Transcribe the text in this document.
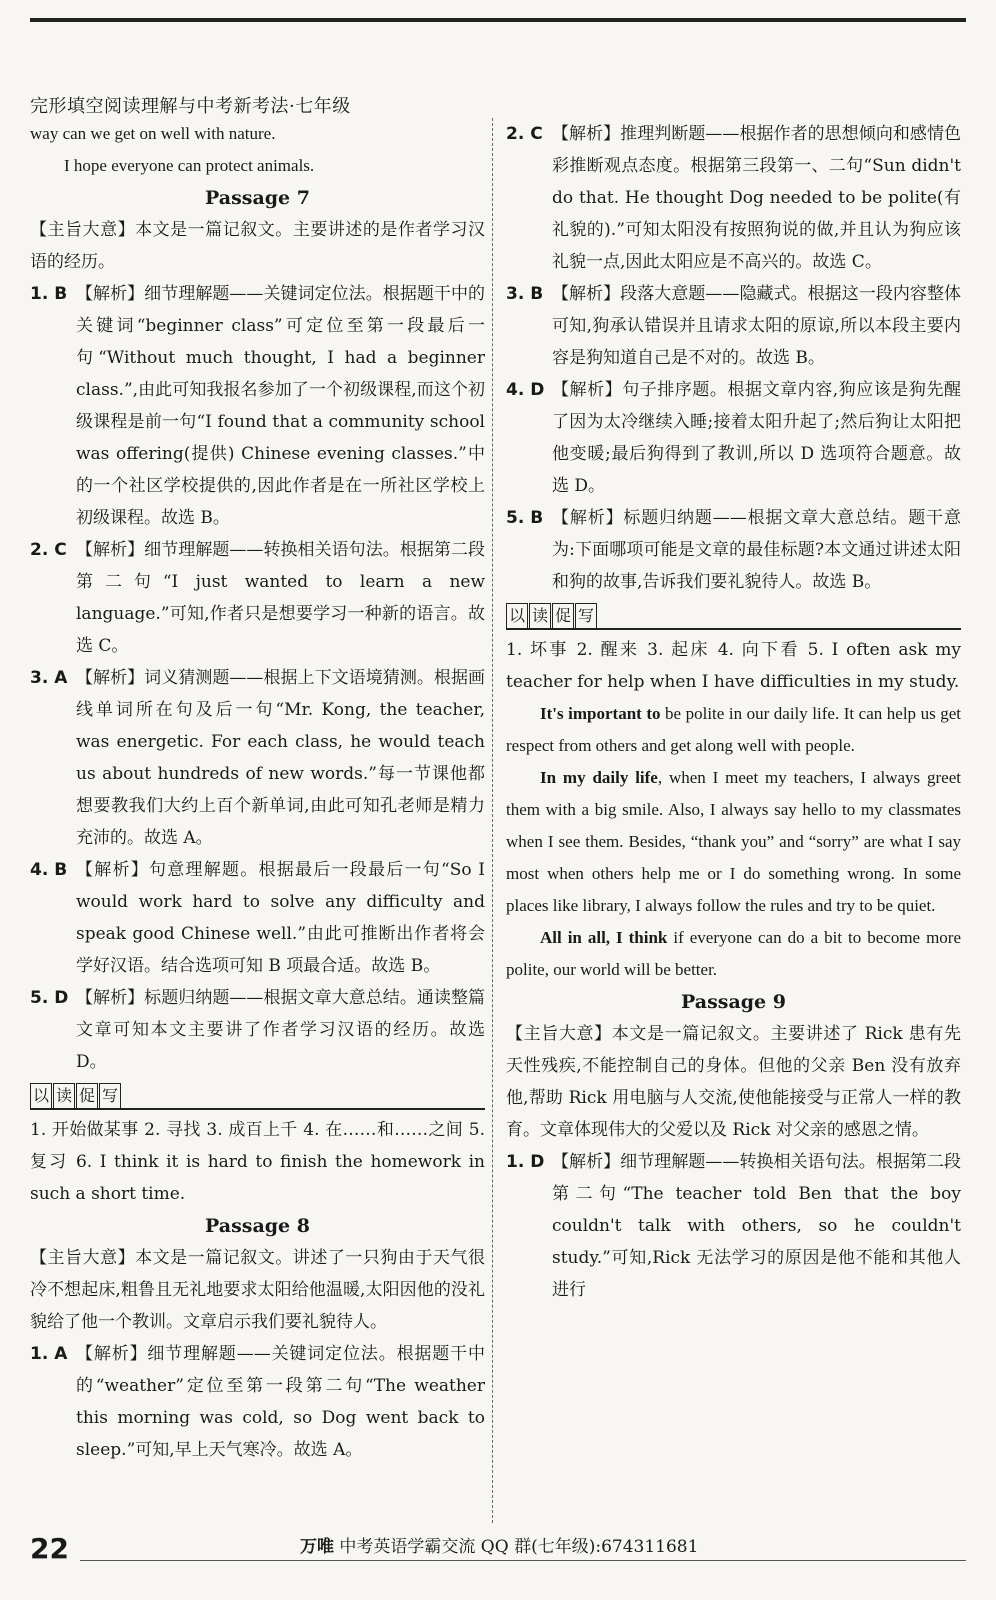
完形填空阅读理解与中考新考法·七年级

way can we get on well with nature.

I hope everyone can protect animals.

Passage 7

【主旨大意】本文是一篇记叙文。主要讲述的是作者学习汉语的经历。

1. B 【解析】细节理解题——关键词定位法。根据题干中的关键词“beginner class”可定位至第一段最后一句“Without much thought, I had a beginner class.”,由此可知我报名参加了一个初级课程,而这个初级课程是前一句“I found that a community school was offering(提供) Chinese evening classes.”中的一个社区学校提供的,因此作者是在一所社区学校上初级课程。故选 B。
2. C 【解析】细节理解题——转换相关语句法。根据第二段第二句“I just wanted to learn a new language.”可知,作者只是想要学习一种新的语言。故选 C。
3. A 【解析】词义猜测题——根据上下文语境猜测。根据画线单词所在句及后一句“Mr. Kong, the teacher, was energetic. For each class, he would teach us about hundreds of new words.”每一节课他都想要教我们大约上百个新单词,由此可知孔老师是精力充沛的。故选 A。
4. B 【解析】句意理解题。根据最后一段最后一句“So I would work hard to solve any difficulty and speak good Chinese well.”由此可推断出作者将会学好汉语。结合选项可知 B 项最合适。故选 B。
5. D 【解析】标题归纳题——根据文章大意总结。通读整篇文章可知本文主要讲了作者学习汉语的经历。故选 D。
以 读 促 写

1. 开始做某事 2. 寻找 3. 成百上千 4. 在……和……之间 5. 复习 6. I think it is hard to finish the homework in such a short time.

Passage 8

【主旨大意】本文是一篇记叙文。讲述了一只狗由于天气很冷不想起床,粗鲁且无礼地要求太阳给他温暖,太阳因他的没礼貌给了他一个教训。文章启示我们要礼貌待人。

1. A 【解析】细节理解题——关键词定位法。根据题干中的“weather”定位至第一段第二句“The weather this morning was cold, so Dog went back to sleep.”可知,早上天气寒冷。故选 A。
2. C 【解析】推理判断题——根据作者的思想倾向和感情色彩推断观点态度。根据第三段第一、二句“Sun didn't do that. He thought Dog needed to be polite(有礼貌的).”可知太阳没有按照狗说的做,并且认为狗应该礼貌一点,因此太阳应是不高兴的。故选 C。
3. B 【解析】段落大意题——隐藏式。根据这一段内容整体可知,狗承认错误并且请求太阳的原谅,所以本段主要内容是狗知道自己是不对的。故选 B。
4. D 【解析】句子排序题。根据文章内容,狗应该是狗先醒了因为太冷继续入睡;接着太阳升起了;然后狗让太阳把他变暖;最后狗得到了教训,所以 D 选项符合题意。故选 D。
5. B 【解析】标题归纳题——根据文章大意总结。题干意为:下面哪项可能是文章的最佳标题?本文通过讲述太阳和狗的故事,告诉我们要礼貌待人。故选 B。
以 读 促 写

1. 坏事 2. 醒来 3. 起床 4. 向下看 5. I often ask my teacher for help when I have difficulties in my study.

It's important to be polite in our daily life. It can help us get respect from others and get along well with people.

In my daily life, when I meet my teachers, I always greet them with a big smile. Also, I always say hello to my classmates when I see them. Besides, “thank you” and “sorry” are what I say most when others help me or I do something wrong. In some places like library, I always follow the rules and try to be quiet.

All in all, I think if everyone can do a bit to become more polite, our world will be better.

Passage 9

【主旨大意】本文是一篇记叙文。主要讲述了 Rick 患有先天性残疾,不能控制自己的身体。但他的父亲 Ben 没有放弃他,帮助 Rick 用电脑与人交流,使他能接受与正常人一样的教育。文章体现伟大的父爱以及 Rick 对父亲的感恩之情。

1. D 【解析】细节理解题——转换相关语句法。根据第二段第二句“The teacher told Ben that the boy couldn't talk with others, so he couldn't study.”可知,Rick 无法学习的原因是他不能和其他人进行
22	万唯 中考英语学霸交流 QQ 群(七年级):674311681
